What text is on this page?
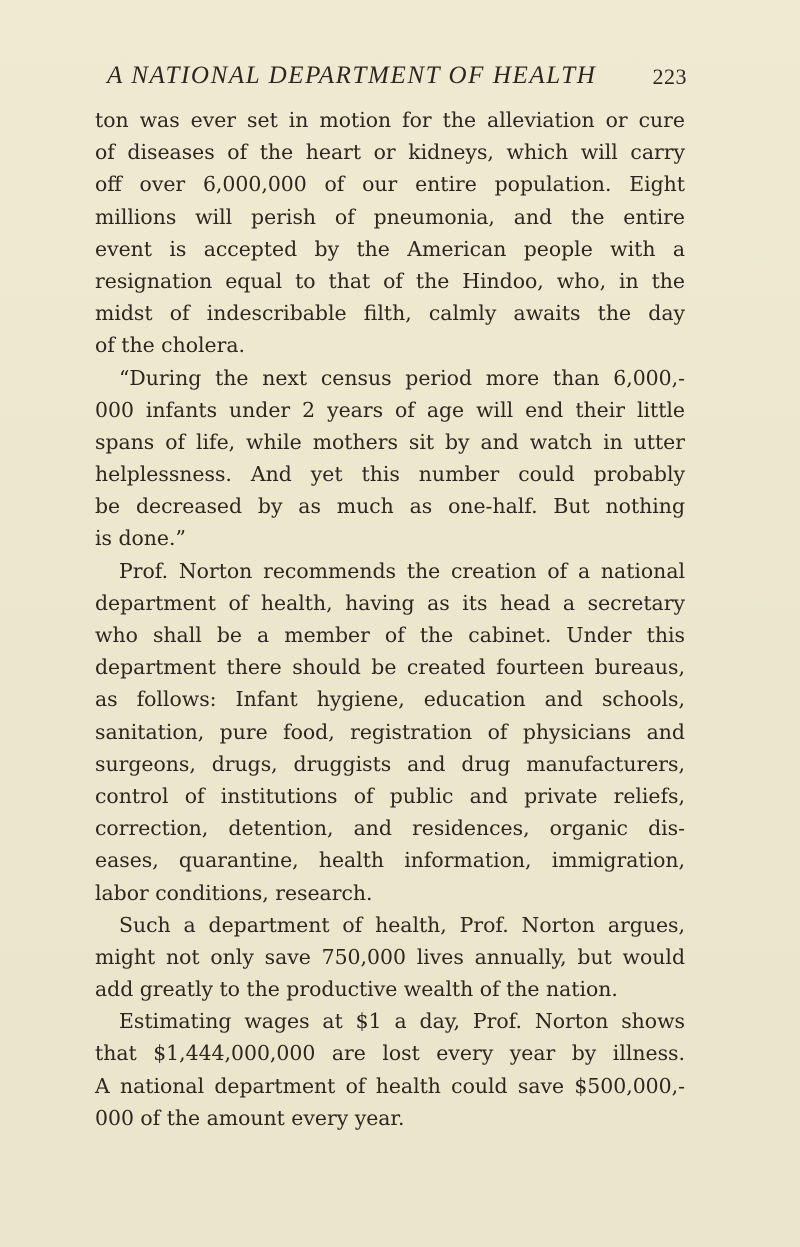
A NATIONAL DEPARTMENT OF HEALTH	223
ton was ever set in motion for the alleviation or cure
of diseases of the heart or kidneys, which will carry
off over 6,000,000 of our entire population. Eight
millions will perish of pneumonia, and the entire
event is accepted by the American people with a
resignation equal to that of the Hindoo, who, in the
midst of indescribable filth, calmly awaits the day
of the cholera.
“During the next census period more than 6,000,-
000 infants under 2 years of age will end their little
spans of life, while mothers sit by and watch in utter
helplessness. And yet this number could probably
be decreased by as much as one-half. But nothing
is done.”
Prof. Norton recommends the creation of a national
department of health, having as its head a secretary
who shall be a member of the cabinet. Under this
department there should be created fourteen bureaus,
as follows: Infant hygiene, education and schools,
sanitation, pure food, registration of physicians and
surgeons, drugs, druggists and drug manufacturers,
control of institutions of public and private reliefs,
correction, detention, and residences, organic dis-
eases, quarantine, health information, immigration,
labor conditions, research.
Such a department of health, Prof. Norton argues,
might not only save 750,000 lives annually, but would
add greatly to the productive wealth of the nation.
Estimating wages at $1 a day, Prof. Norton shows
that $1,444,000,000 are lost every year by illness.
A national department of health could save $500,000,-
000 of the amount every year.
